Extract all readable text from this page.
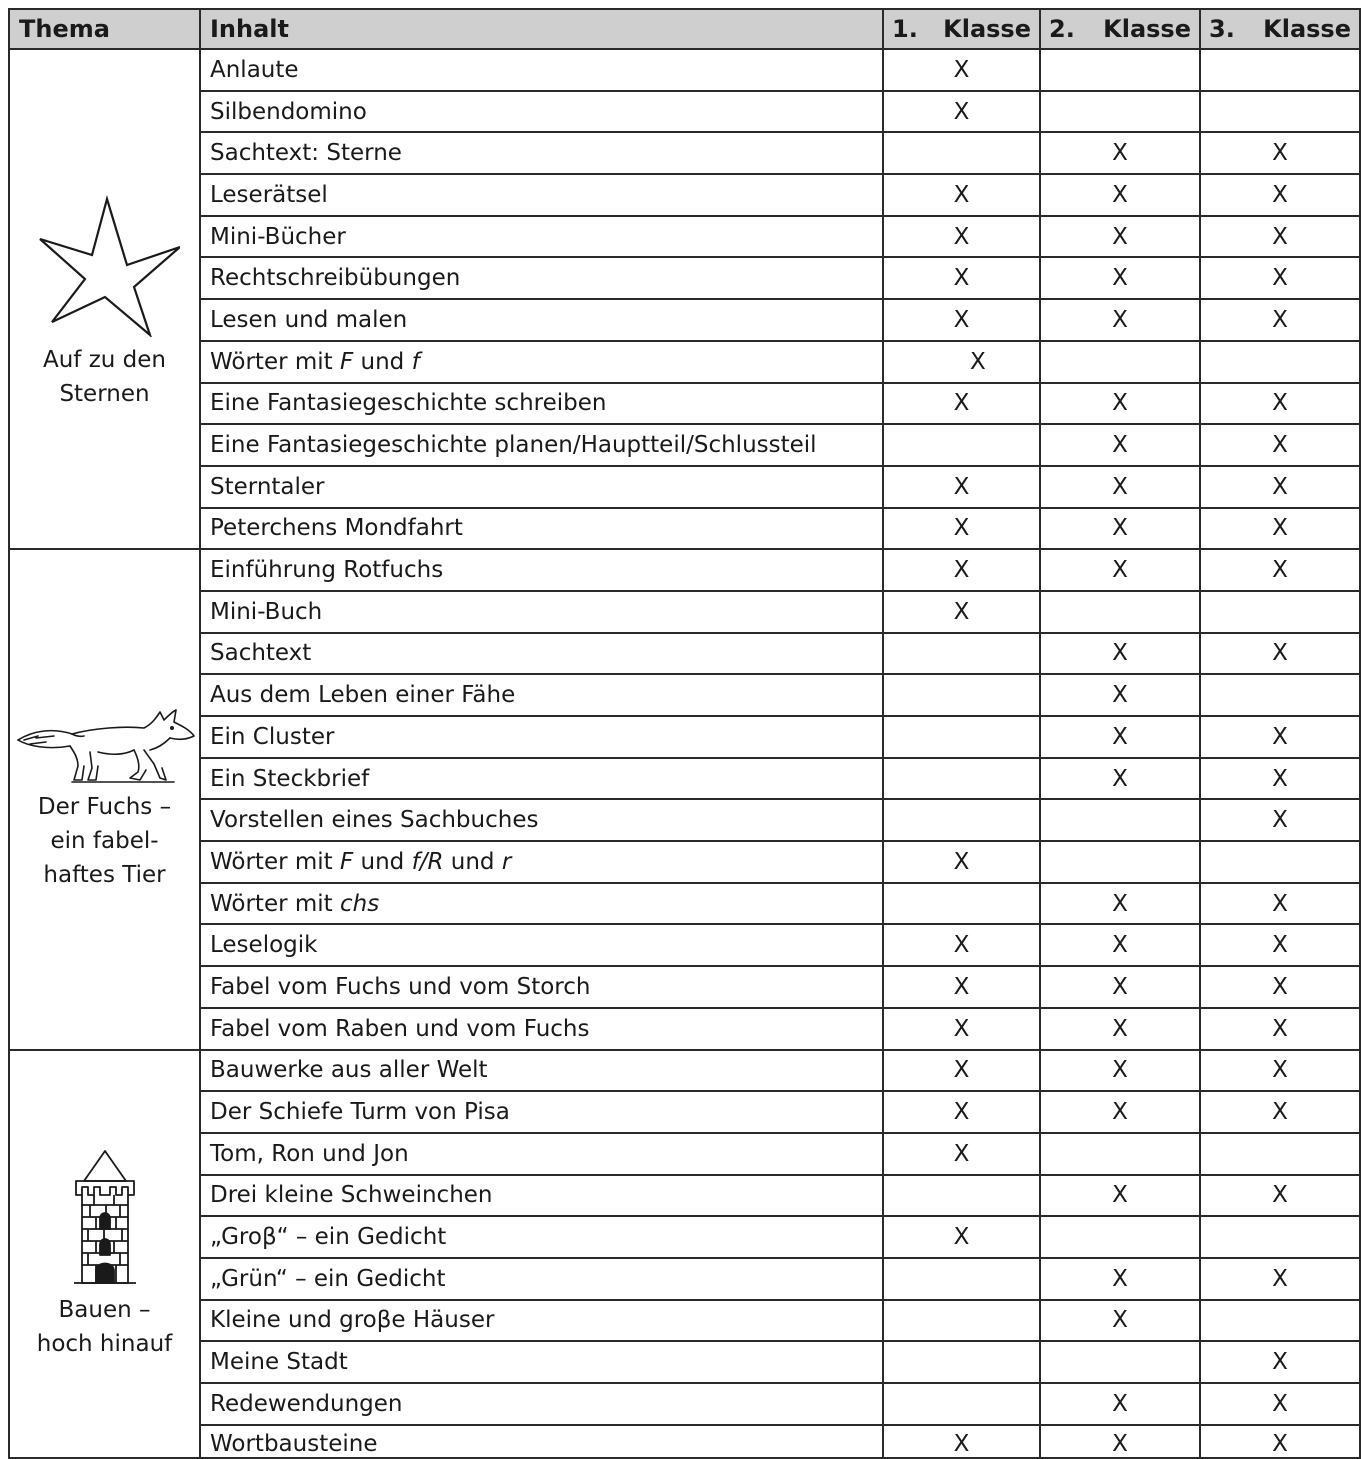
Thema	Inhalt	1. Klasse	2. Klasse	3. Klasse

Auf zu den
Sternen	Anlaute	X		
	Silbendomino	X		
	Sachtext: Sterne		X	X
	Leserätsel	X	X	X
	Mini-Bücher	X	X	X
	Rechtschreibübungen	X	X	X
	Lesen und malen	X	X	X
	Wörter mit F und f	X		
	Eine Fantasiegeschichte schreiben	X	X	X
	Eine Fantasiegeschichte planen/Hauptteil/Schlussteil		X	X
	Sterntaler	X	X	X
	Peterchens Mondfahrt	X	X	X

Der Fuchs –
ein fabel-
haftes Tier	Einführung Rotfuchs	X	X	X
	Mini-Buch	X		
	Sachtext		X	X
	Aus dem Leben einer Fähe		X	
	Ein Cluster		X	X
	Ein Steckbrief		X	X
	Vorstellen eines Sachbuches			X
	Wörter mit F und f/R und r	X		
	Wörter mit chs		X	X
	Leselogik	X	X	X
	Fabel vom Fuchs und vom Storch	X	X	X
	Fabel vom Raben und vom Fuchs	X	X	X

Bauen –
hoch hinauf	Bauwerke aus aller Welt	X	X	X
	Der Schiefe Turm von Pisa	X	X	X
	Tom, Ron und Jon	X		
	Drei kleine Schweinchen		X	X
	„Groβ“ – ein Gedicht	X		
	„Grün“ – ein Gedicht		X	X
	Kleine und groβe Häuser		X	
	Meine Stadt			X
	Redewendungen		X	X
	Wortbausteine	X	X	X
